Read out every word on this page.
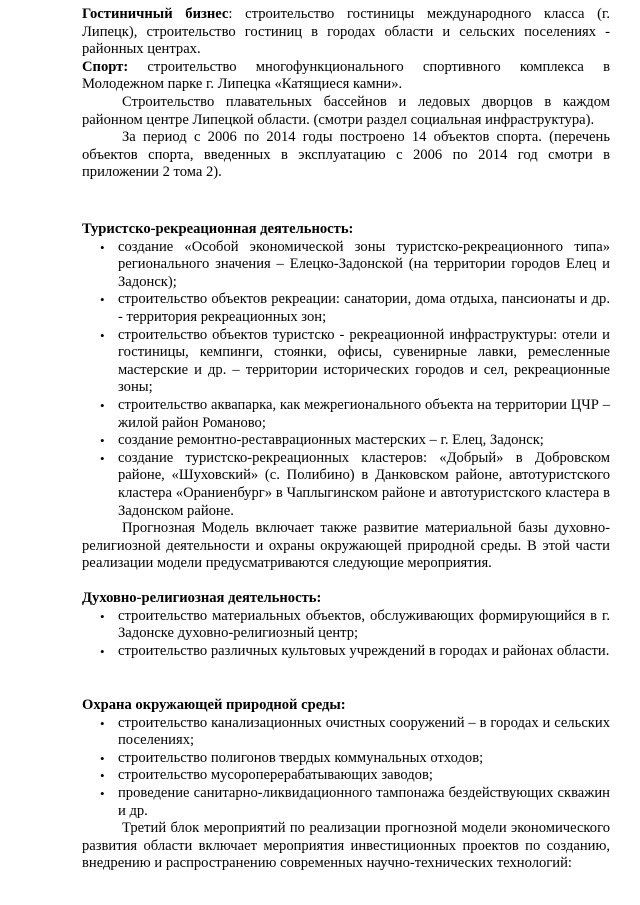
Гостиничный бизнес: строительство гостиницы международного класса (г. Липецк), строительство гостиниц в городах области и сельских поселениях - районных центрах.

Спорт: строительство многофункционального спортивного комплекса в Молодежном парке г. Липецка «Катящиеся камни».

Строительство плавательных бассейнов и ледовых дворцов в каждом районном центре Липецкой области. (смотри раздел социальная инфраструктура).

За период с 2006 по 2014 годы построено 14 объектов спорта. (перечень объектов спорта, введенных в эксплуатацию с 2006 по 2014 год смотри в приложении 2 тома 2).

Туристско-рекреационная деятельность:

• создание «Особой экономической зоны туристско-рекреационного типа» регионального значения – Елецко-Задонской (на территории городов Елец и Задонск);
• строительство объектов рекреации: санатории, дома отдыха, пансионаты и др. - территория рекреационных зон;
• строительство объектов туристско - рекреационной инфраструктуры: отели и гостиницы, кемпинги, стоянки, офисы, сувенирные лавки, ремесленные мастерские и др. – территории исторических городов и сел, рекреационные зоны;
• строительство аквапарка, как межрегионального объекта на территории ЦЧР – жилой район Романово;
• создание ремонтно-реставрационных мастерских – г. Елец, Задонск;
• создание туристско-рекреационных кластеров: «Добрый» в Добровском районе, «Шуховский» (с. Полибино) в Данковском районе, автотуристского кластера «Ораниенбург» в Чаплыгинском районе и автотуристского кластера в Задонском районе.

Прогнозная Модель включает также развитие материальной базы духовно-религиозной деятельности и охраны окружающей природной среды. В этой части реализации модели предусматриваются следующие мероприятия.

Духовно-религиозная деятельность:

• строительство материальных объектов, обслуживающих формирующийся в г. Задонске духовно-религиозный центр;
• строительство различных культовых учреждений в городах и районах области.

Охрана окружающей природной среды:

• строительство канализационных очистных сооружений – в городах и сельских поселениях;
• строительство полигонов твердых коммунальных отходов;
• строительство мусороперерабатывающих заводов;
• проведение санитарно-ликвидационного тампонажа бездействующих скважин и др.

Третий блок мероприятий по реализации прогнозной модели экономического развития области включает мероприятия инвестиционных проектов по созданию, внедрению и распространению современных научно-технических технологий:
